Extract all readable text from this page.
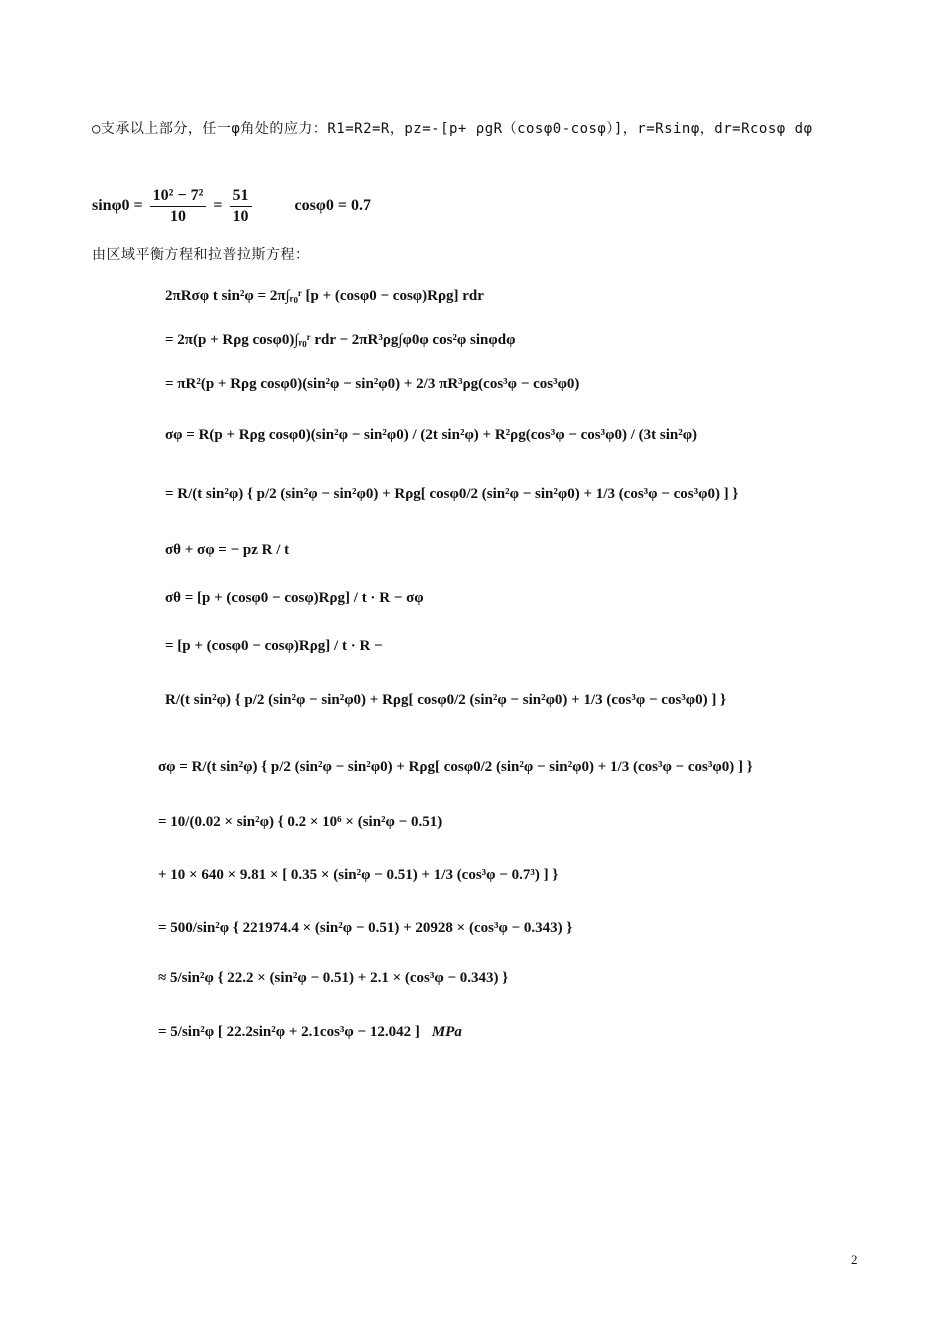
○支承以上部分，任一φ角处的应力：R1=R2=R，pz=-[p+ ρgR（cosφ0-cosφ）]，r=Rsinφ，dr=Rcosφ dφ
$\sin\varphi 0 = \frac{\text{10² − 7²}}{10} = \frac{51}{10}$	cosφ0 = 0.7
由区域平衡方程和拉普拉斯方程：
2πRσφ t sin²φ = 2π∫ᵣ₀ʳ [p + (cosφ0 − cosφ)Rρg] rdr
= 2π(p + Rρg cosφ0)∫ᵣ₀ʳ rdr − 2πR³ρg∫φ0φ cos²φ sinφdφ
= πR²(p + Rρg cosφ0)(sin²φ − sin²φ0) + 2/3 πR³ρg(cos³φ − cos³φ0)
σφ = R(p + Rρg cosφ0)(sin²φ − sin²φ0) / (2t sin²φ) + R²ρg(cos³φ − cos³φ0) / (3t sin²φ)
= R/(t sin²φ) { p/2 (sin²φ − sin²φ0) + Rρg[ cosφ0/2 (sin²φ − sin²φ0) + 1/3 (cos³φ − cos³φ0) ] }
σθ + σφ = − pz R / t
σθ = [p + (cosφ0 − cosφ)Rρg] / t · R − σφ
= [p + (cosφ0 − cosφ)Rρg] / t · R −
R/(t sin²φ) { p/2 (sin²φ − sin²φ0) + Rρg[ cosφ0/2 (sin²φ − sin²φ0) + 1/3 (cos³φ − cos³φ0) ] }
σφ = R/(t sin²φ) { p/2 (sin²φ − sin²φ0) + Rρg[ cosφ0/2 (sin²φ − sin²φ0) + 1/3 (cos³φ − cos³φ0) ] }
= 10/(0.02 × sin²φ) { 0.2 × 10⁶ × (sin²φ − 0.51)
+ 10 × 640 × 9.81 × [ 0.35 × (sin²φ − 0.51) + 1/3 (cos³φ − 0.7³) ] }
= 500/sin²φ { 221974.4 × (sin²φ − 0.51) + 20928 × (cos³φ − 0.343) }
≈ 5/sin²φ { 22.2 × (sin²φ − 0.51) + 2.1 × (cos³φ − 0.343) }
= 5/sin²φ [ 22.2sin²φ + 2.1cos³φ − 12.042 ] MPa
2
